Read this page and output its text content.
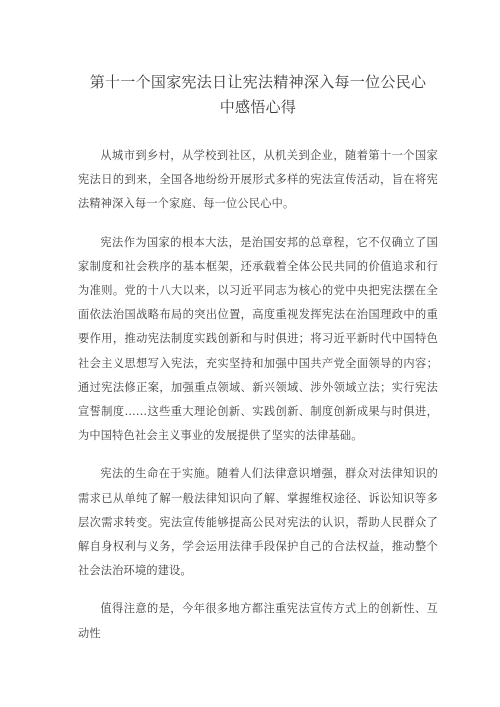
第十一个国家宪法日让宪法精神深入每一位公民心
中感悟心得

从城市到乡村，从学校到社区，从机关到企业，随着第十一个国家宪法日的到来，全国各地纷纷开展形式多样的宪法宣传活动，旨在将宪法精神深入每一个家庭、每一位公民心中。

宪法作为国家的根本大法，是治国安邦的总章程，它不仅确立了国家制度和社会秩序的基本框架，还承载着全体公民共同的价值追求和行为准则。党的十八大以来，以习近平同志为核心的党中央把宪法摆在全面依法治国战略布局的突出位置，高度重视发挥宪法在治国理政中的重要作用，推动宪法制度实践创新和与时俱进；将习近平新时代中国特色社会主义思想写入宪法，充实坚持和加强中国共产党全面领导的内容；通过宪法修正案，加强重点领域、新兴领域、涉外领域立法；实行宪法宣誓制度……这些重大理论创新、实践创新、制度创新成果与时俱进，为中国特色社会主义事业的发展提供了坚实的法律基础。

宪法的生命在于实施。随着人们法律意识增强，群众对法律知识的需求已从单纯了解一般法律知识向了解、掌握维权途径、诉讼知识等多层次需求转变。宪法宣传能够提高公民对宪法的认识，帮助人民群众了解自身权利与义务，学会运用法律手段保护自己的合法权益，推动整个社会法治环境的建设。

值得注意的是，今年很多地方都注重宪法宣传方式上的创新性、互动性
